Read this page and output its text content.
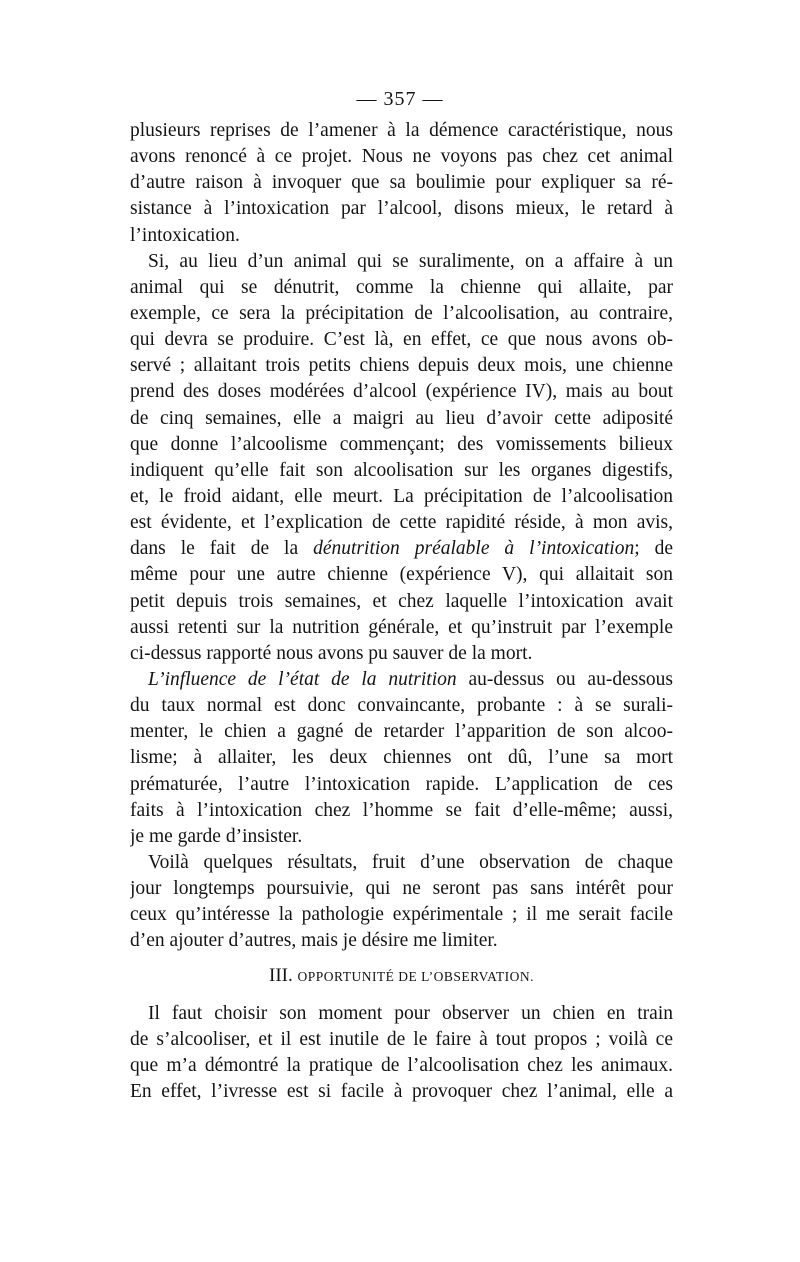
— 357 —
plusieurs reprises de l’amener à la démence caractéristique, nous
avons renoncé à ce projet. Nous ne voyons pas chez cet animal
d’autre raison à invoquer que sa boulimie pour expliquer sa ré-
sistance à l’intoxication par l’alcool, disons mieux, le retard à
l’intoxication.
Si, au lieu d’un animal qui se suralimente, on a affaire à un
animal qui se dénutrit, comme la chienne qui allaite, par
exemple, ce sera la précipitation de l’alcoolisation, au contraire,
qui devra se produire. C’est là, en effet, ce que nous avons ob-
servé ; allaitant trois petits chiens depuis deux mois, une chienne
prend des doses modérées d’alcool (expérience IV), mais au bout
de cinq semaines, elle a maigri au lieu d’avoir cette adiposité
que donne l’alcoolisme commençant; des vomissements bilieux
indiquent qu’elle fait son alcoolisation sur les organes digestifs,
et, le froid aidant, elle meurt. La précipitation de l’alcoolisation
est évidente, et l’explication de cette rapidité réside, à mon avis,
dans le fait de la dénutrition préalable à l’intoxication; de
même pour une autre chienne (expérience V), qui allaitait son
petit depuis trois semaines, et chez laquelle l’intoxication avait
aussi retenti sur la nutrition générale, et qu’instruit par l’exemple
ci-dessus rapporté nous avons pu sauver de la mort.
L’influence de l’état de la nutrition au-dessus ou au-dessous
du taux normal est donc convaincante, probante : à se surali-
menter, le chien a gagné de retarder l’apparition de son alcoo-
lisme; à allaiter, les deux chiennes ont dû, l’une sa mort
prématurée, l’autre l’intoxication rapide. L’application de ces
faits à l’intoxication chez l’homme se fait d’elle-même; aussi,
je me garde d’insister.
Voilà quelques résultats, fruit d’une observation de chaque
jour longtemps poursuivie, qui ne seront pas sans intérêt pour
ceux qu’intéresse la pathologie expérimentale ; il me serait facile
d’en ajouter d’autres, mais je désire me limiter.
III. OPPORTUNITÉ DE L’OBSERVATION.
Il faut choisir son moment pour observer un chien en train
de s’alcooliser, et il est inutile de le faire à tout propos ; voilà ce
que m’a démontré la pratique de l’alcoolisation chez les animaux.
En effet, l’ivresse est si facile à provoquer chez l’animal, elle a
